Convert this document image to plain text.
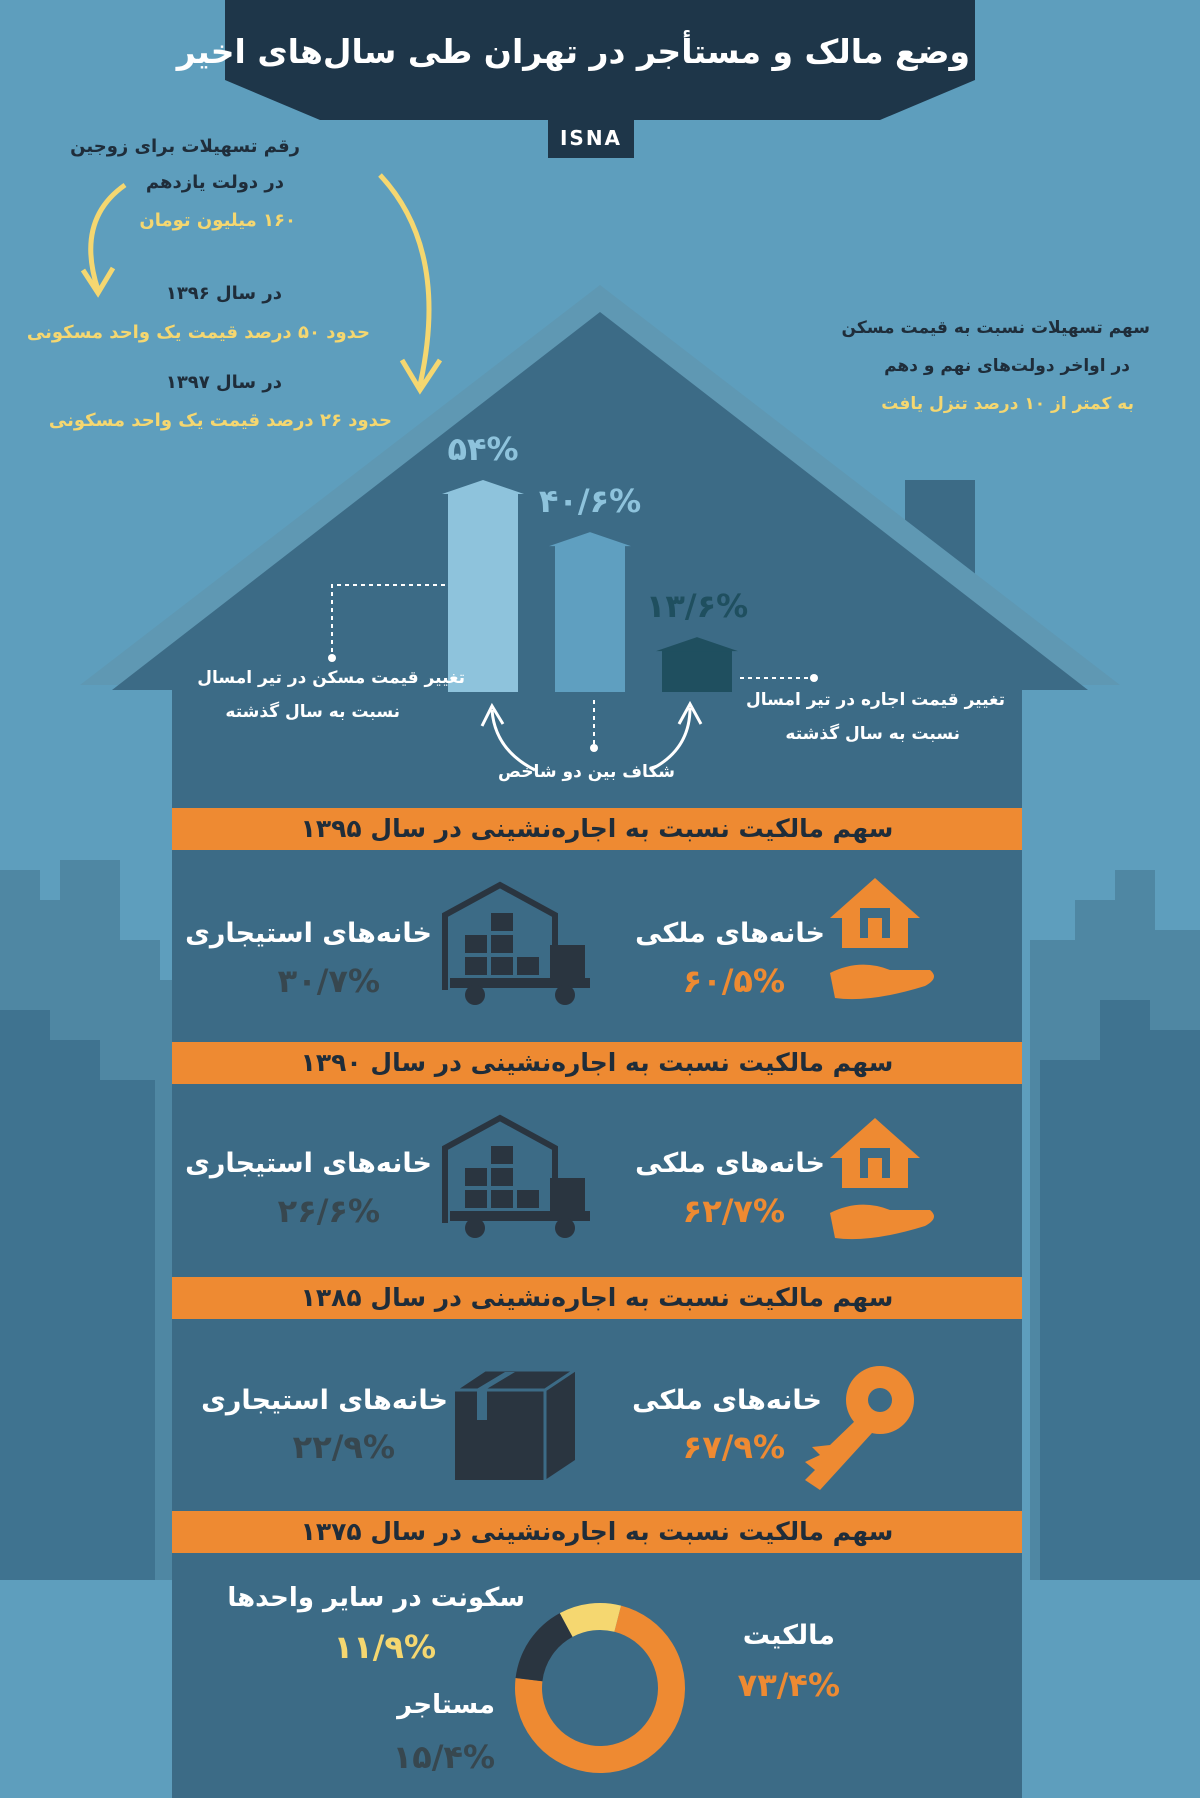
وضع مالک و مستأجر در تهران طی سال‌های اخیر
ISNA
رقم تسهیلات برای زوجین
در دولت یازدهم
۱۶۰ میلیون تومان
در سال ۱۳۹۶
حدود ۵۰ درصد قیمت یک واحد مسکونی
در سال ۱۳۹۷
حدود ۲۶ درصد قیمت یک واحد مسکونی
سهم تسهیلات نسبت به قیمت مسکن
در اواخر دولت‌های نهم و دهم
به کمتر از ۱۰ درصد تنزل یافت
۵۴%
۴۰/۶%
۱۳/۶%
تغییر قیمت مسکن در تیر امسال
نسبت به سال گذشته
تغییر قیمت اجاره در تیر امسال
نسبت به سال گذشته
شکاف بین دو شاخص
سهم مالکیت نسبت به اجاره‌نشینی در سال ۱۳۹۵
خانه‌های ملکی
۶۰/۵%
خانه‌های استیجاری
۳۰/۷%
سهم مالکیت نسبت به اجاره‌نشینی در سال ۱۳۹۰
خانه‌های ملکی
۶۲/۷%
خانه‌های استیجاری
۲۶/۶%
سهم مالکیت نسبت به اجاره‌نشینی در سال ۱۳۸۵
خانه‌های ملکی
۶۷/۹%
خانه‌های استیجاری
۲۲/۹%
سهم مالکیت نسبت به اجاره‌نشینی در سال ۱۳۷۵
مالکیت
۷۳/۴%
سکونت در سایر واحدها
۱۱/۹%
مستاجر
۱۵/۴%
